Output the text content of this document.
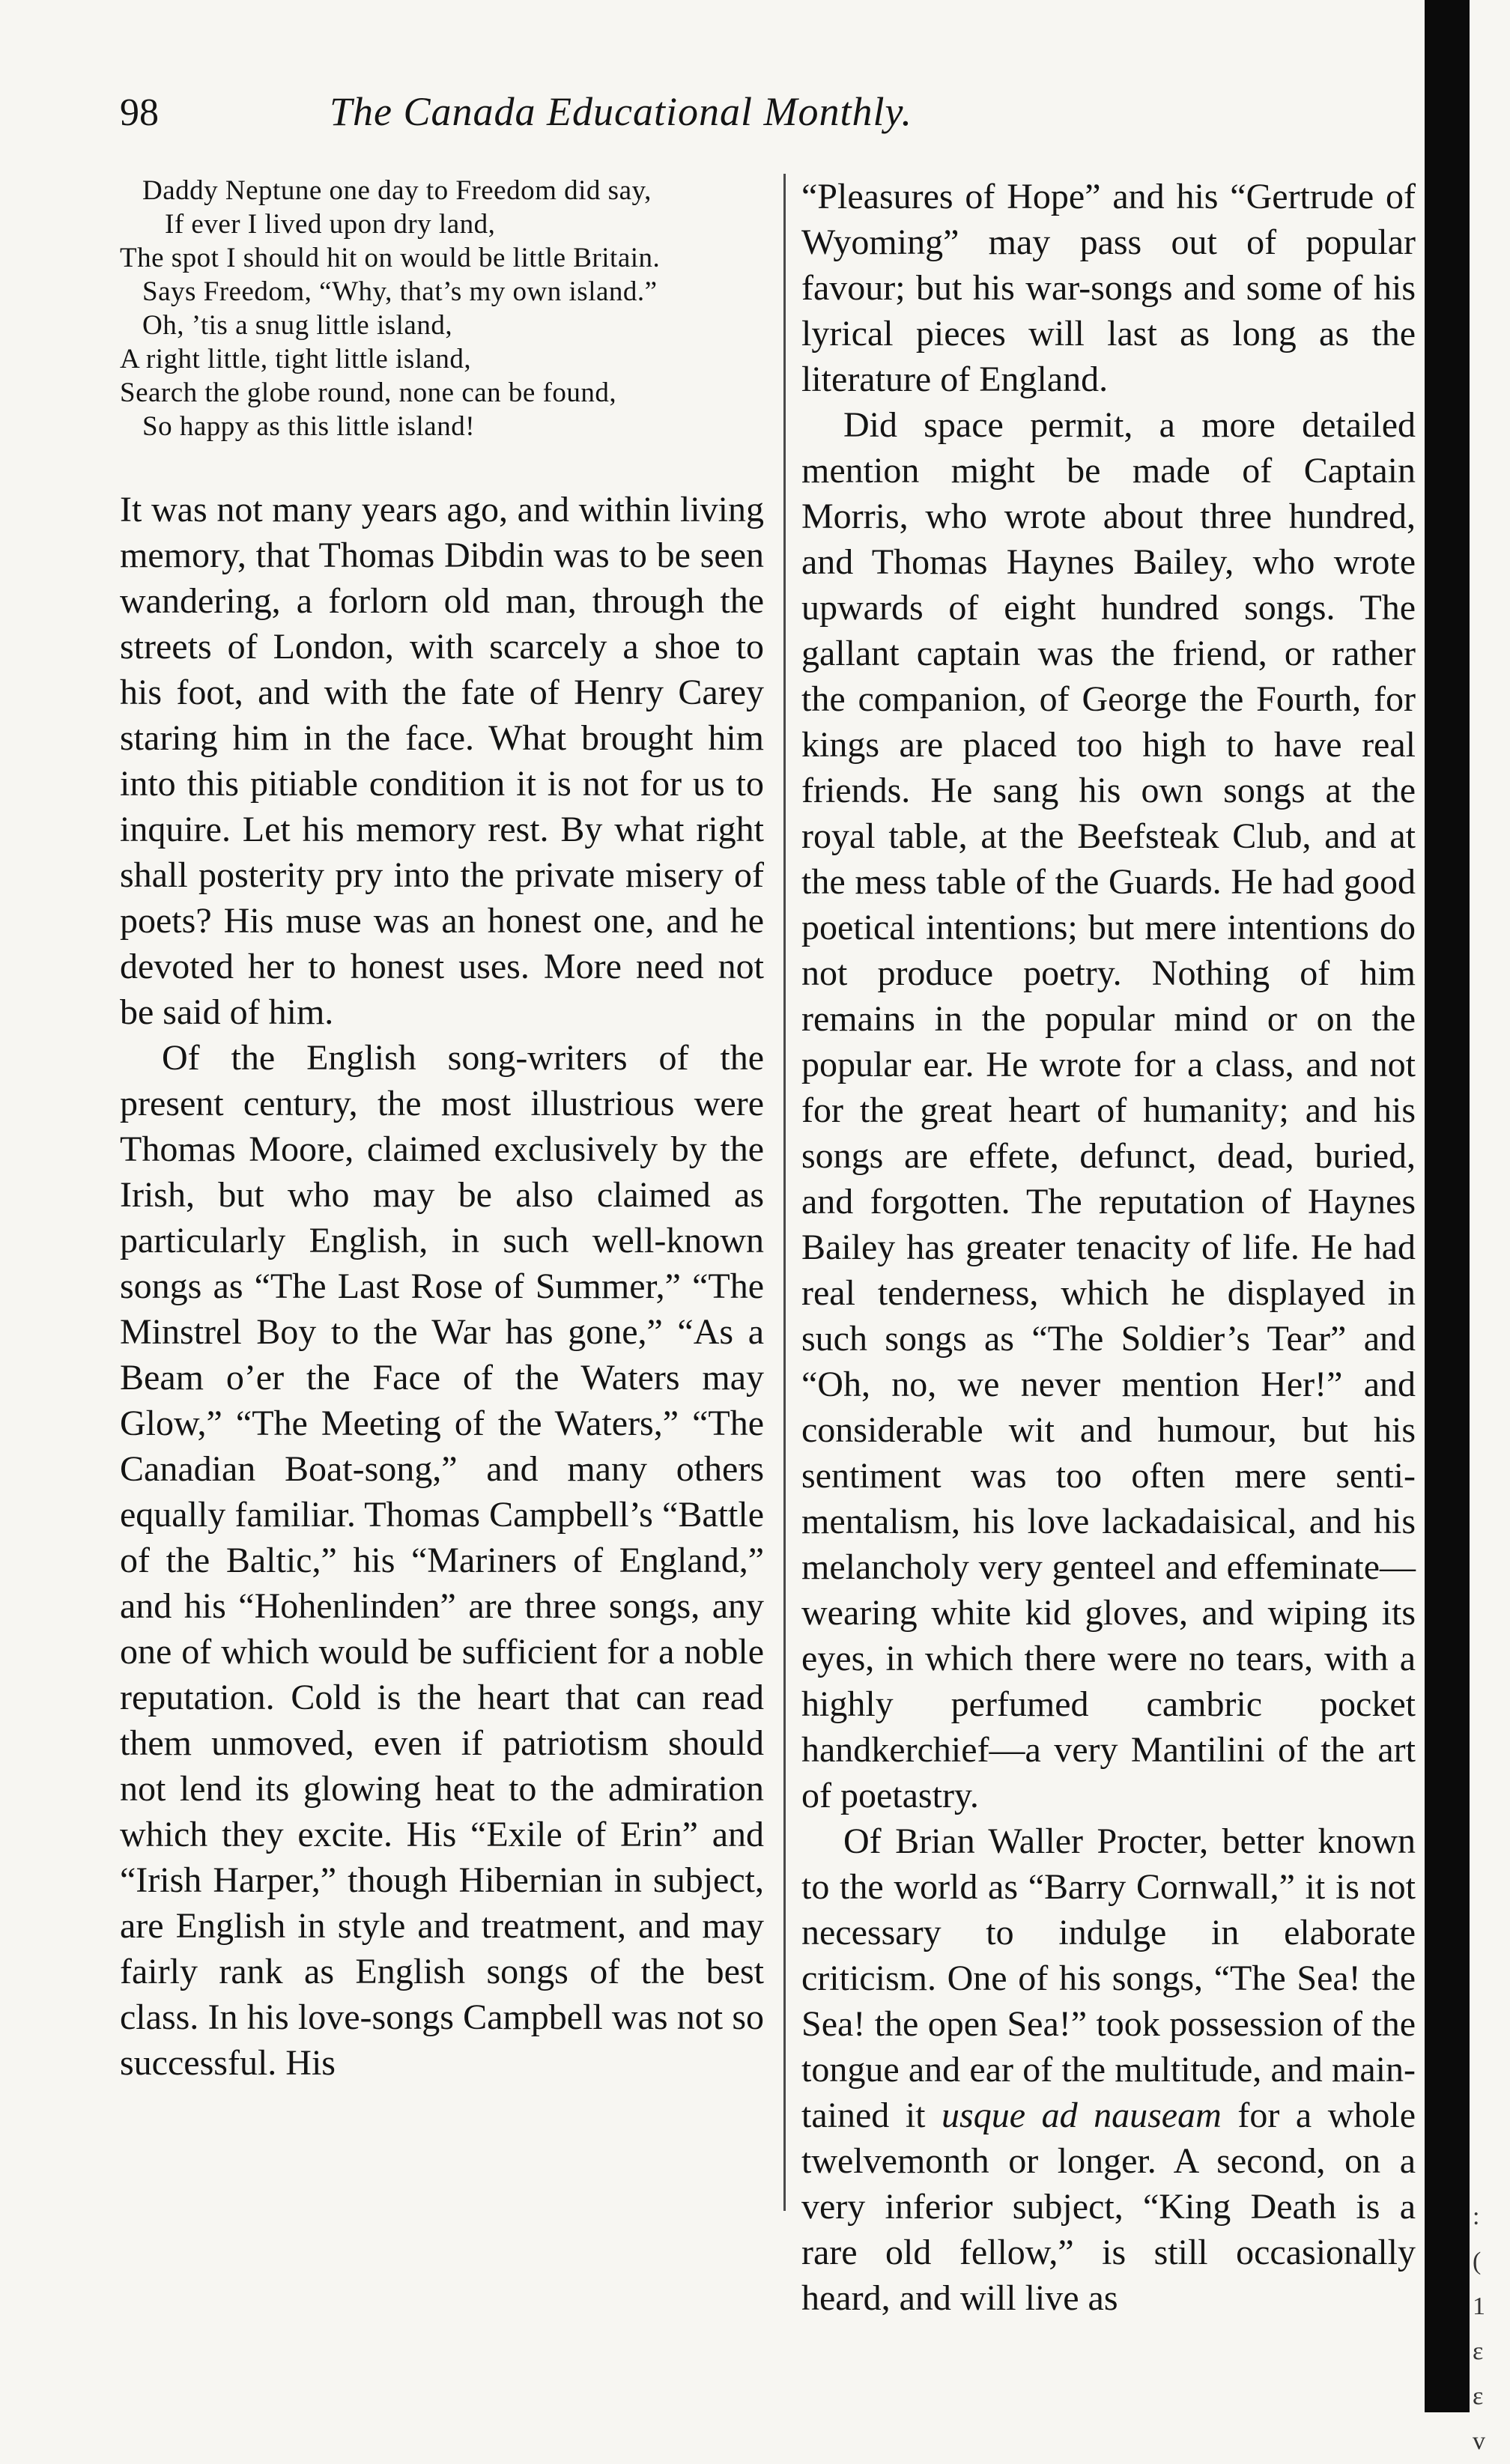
98	The Canada Educational Monthly.
Daddy Neptune one day to Freedom did say,
If ever I lived upon dry land,
The spot I should hit on would be little Britain.
Says Freedom, “Why, that’s my own island.”
Oh, ’tis a snug little island,
A right little, tight little island,
Search the globe round, none can be found,
So happy as this little island!

It was not many years ago, and within living memory, that Thomas Dibdin was to be seen wandering, a forlorn old man, through the streets of London, with scarcely a shoe to his foot, and with the fate of Henry Carey staring him in the face. What brought him into this pitiable condition it is not for us to inquire. Let his memory rest. By what right shall posterity pry into the private misery of poets? His muse was an honest one, and he devoted her to honest uses. More need not be said of him.

Of the English song-writers of the present century, the most illustrious were Thomas Moore, claimed exclusively by the Irish, but who may be also claimed as particularly English, in such well-known songs as “The Last Rose of Summer,” “The Minstrel Boy to the War has gone,” “As a Beam o’er the Face of the Waters may Glow,” “The Meeting of the Waters,” “The Canadian Boat-song,” and many others equally familiar. Thomas Campbell’s “Battle of the Baltic,” his “Mariners of England,” and his “Hohenlinden” are three songs, any one of which would be sufficient for a noble reputation. Cold is the heart that can read them unmoved, even if patriotism should not lend its glowing heat to the admiration which they excite. His “Exile of Erin” and “Irish Harper,” though Hibernian in subject, are English in style and treatment, and may fairly rank as English songs of the best class. In his love-songs Campbell was not so successful. His

“Pleasures of Hope” and his “Gertrude of Wyoming” may pass out of popular favour; but his war-songs and some of his lyrical pieces will last as long as the literature of England.

Did space permit, a more detailed mention might be made of Captain Morris, who wrote about three hundred, and Thomas Haynes Bailey, who wrote upwards of eight hundred songs. The gallant captain was the friend, or rather the companion, of George the Fourth, for kings are placed too high to have real friends. He sang his own songs at the royal table, at the Beefsteak Club, and at the mess table of the Guards. He had good poetical intentions; but mere intentions do not produce poetry. Nothing of him remains in the popular mind or on the popular ear. He wrote for a class, and not for the great heart of humanity; and his songs are effete, defunct, dead, buried, and forgotten. The reputation of Haynes Bailey has greater tenacity of life. He had real tenderness, which he displayed in such songs as “The Soldier’s Tear” and “Oh, no, we never mention Her!” and considerable wit and humour, but his sentiment was too often mere sentimentalism, his love lackadaisical, and his melancholy very genteel and effeminate—wearing white kid gloves, and wiping its eyes, in which there were no tears, with a highly perfumed cambric pocket handkerchief—a very Mantilini of the art of poetastry.

Of Brian Waller Procter, better known to the world as “Barry Cornwall,” it is not necessary to indulge in elaborate criticism. One of his songs, “The Sea! the Sea! the open Sea!” took possession of the tongue and ear of the multitude, and maintained it usque ad nauseam for a whole twelvemonth or longer. A second, on a very inferior subject, “King Death is a rare old fellow,” is still occasionally heard, and will live as

:
(
1
ε
ε
v
